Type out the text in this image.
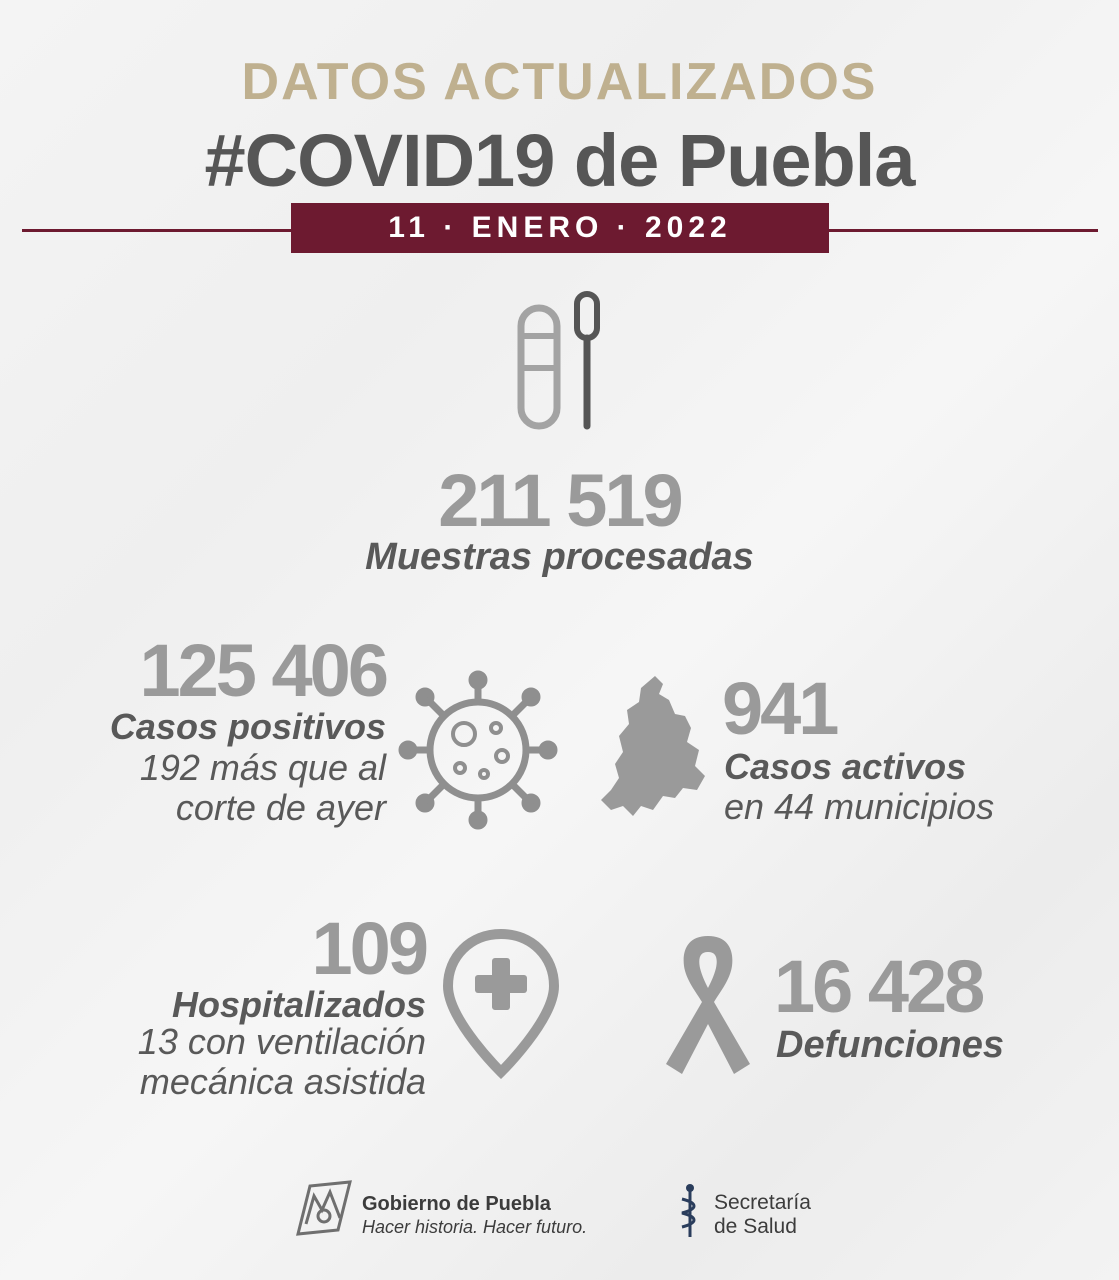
DATOS ACTUALIZADOS
#COVID19 de Puebla
11 · ENERO · 2022
211 519
Muestras procesadas
125 406
Casos positivos
192 más que al
corte de ayer
941
Casos activos
en 44 municipios
109
Hospitalizados
13 con ventilación
mecánica asistida
16 428
Defunciones
Gobierno de Puebla
Hacer historia. Hacer futuro.
Secretaría
de Salud
